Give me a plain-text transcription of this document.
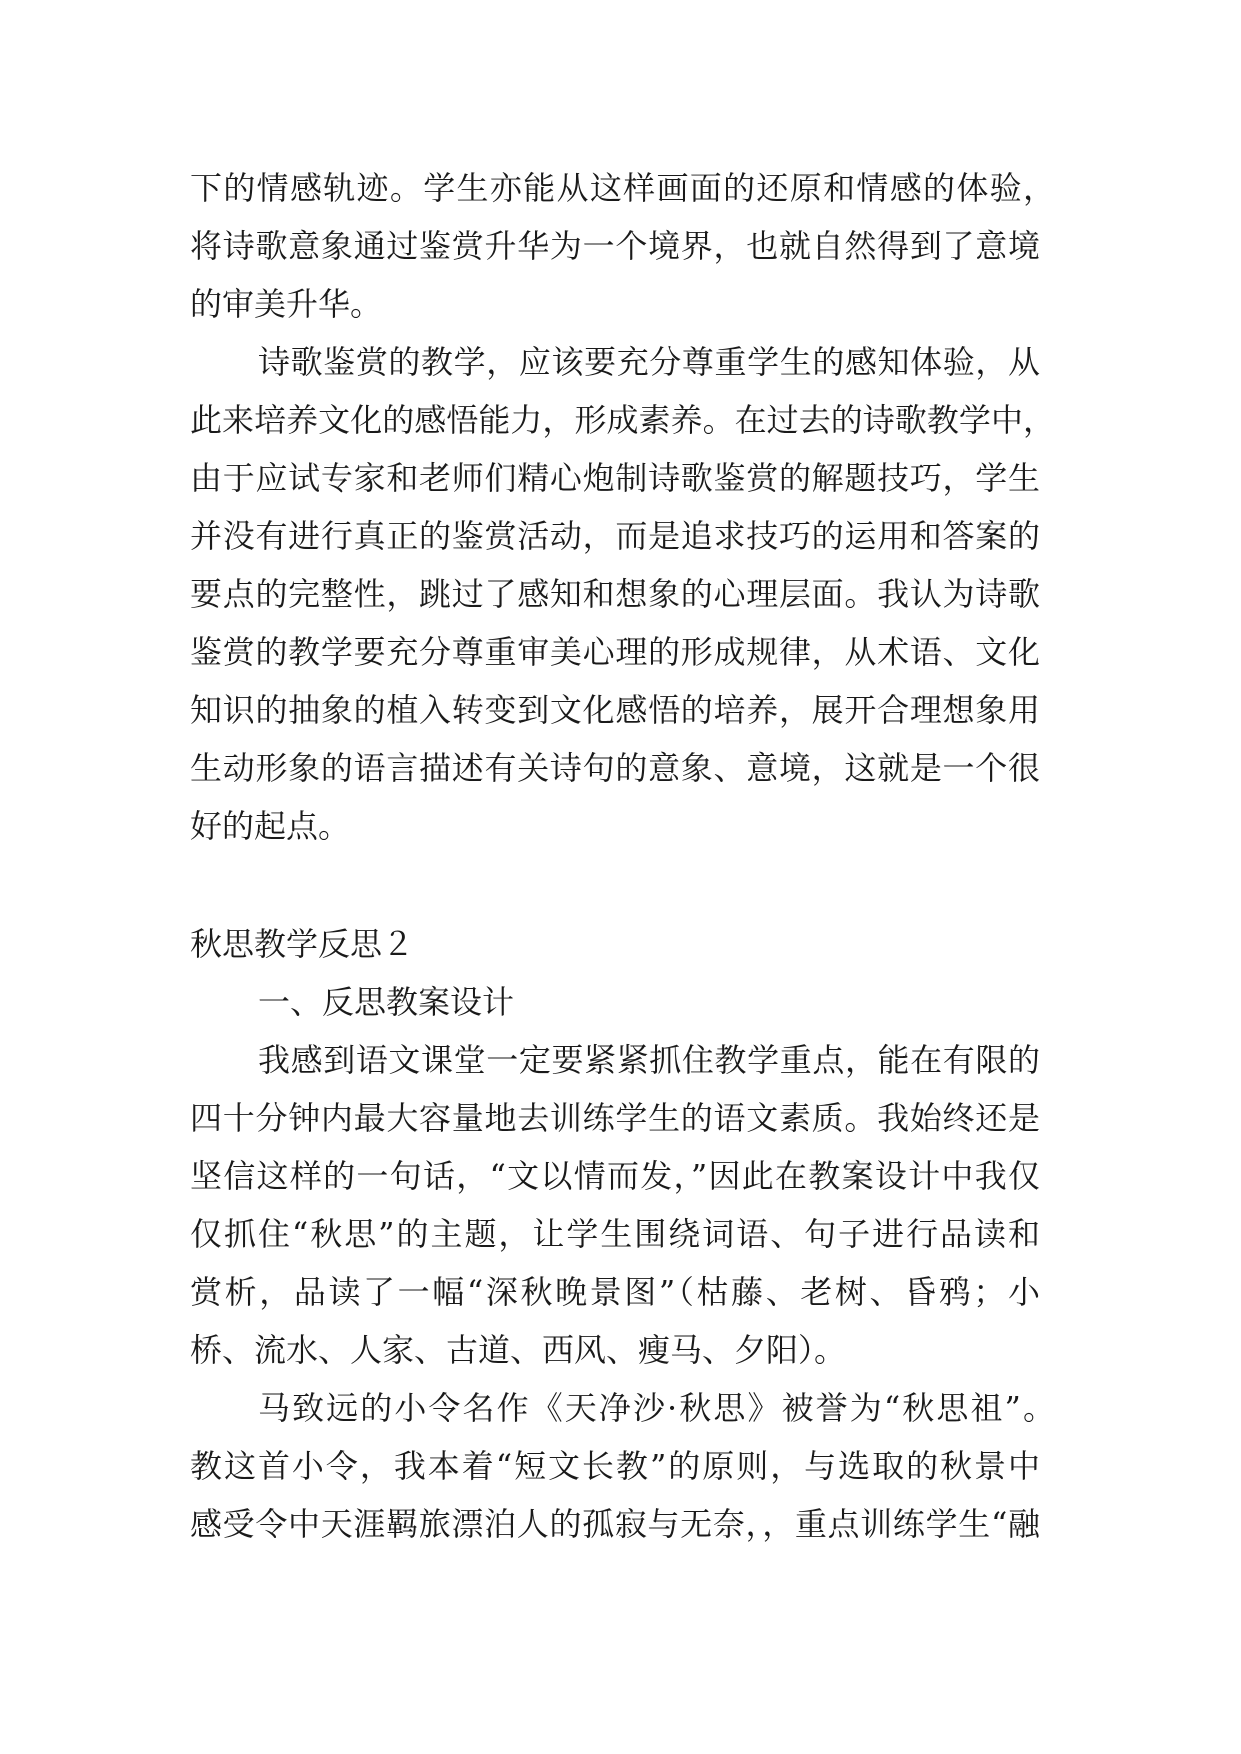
下的情感轨迹。学生亦能从这样画面的还原和情感的体验，
将诗歌意象通过鉴赏升华为一个境界，也就自然得到了意境
的审美升华。
诗歌鉴赏的教学，应该要充分尊重学生的感知体验，从
此来培养文化的感悟能力，形成素养。在过去的诗歌教学中，
由于应试专家和老师们精心炮制诗歌鉴赏的解题技巧，学生
并没有进行真正的鉴赏活动，而是追求技巧的运用和答案的
要点的完整性，跳过了感知和想象的心理层面。我认为诗歌
鉴赏的教学要充分尊重审美心理的形成规律，从术语、文化
知识的抽象的植入转变到文化感悟的培养，展开合理想象用
生动形象的语言描述有关诗句的意象、意境，这就是一个很
好的起点。
秋思教学反思２
一、反思教案设计
我感到语文课堂一定要紧紧抓住教学重点，能在有限的
四十分钟内最大容量地去训练学生的语文素质。我始终还是
坚信这样的一句话，“文以情而发，”因此在教案设计中我仅
仅抓住“秋思”的主题，让学生围绕词语、句子进行品读和
赏析，品读了一幅“深秋晚景图”（枯藤、老树、昏鸦；小
桥、流水、人家、古道、西风、瘦马、夕阳）。
马致远的小令名作《天净沙·秋思》被誉为“秋思祖”。
教这首小令，我本着“短文长教”的原则，与选取的秋景中
感受令中天涯羁旅漂泊人的孤寂与无奈，，重点训练学生“融
